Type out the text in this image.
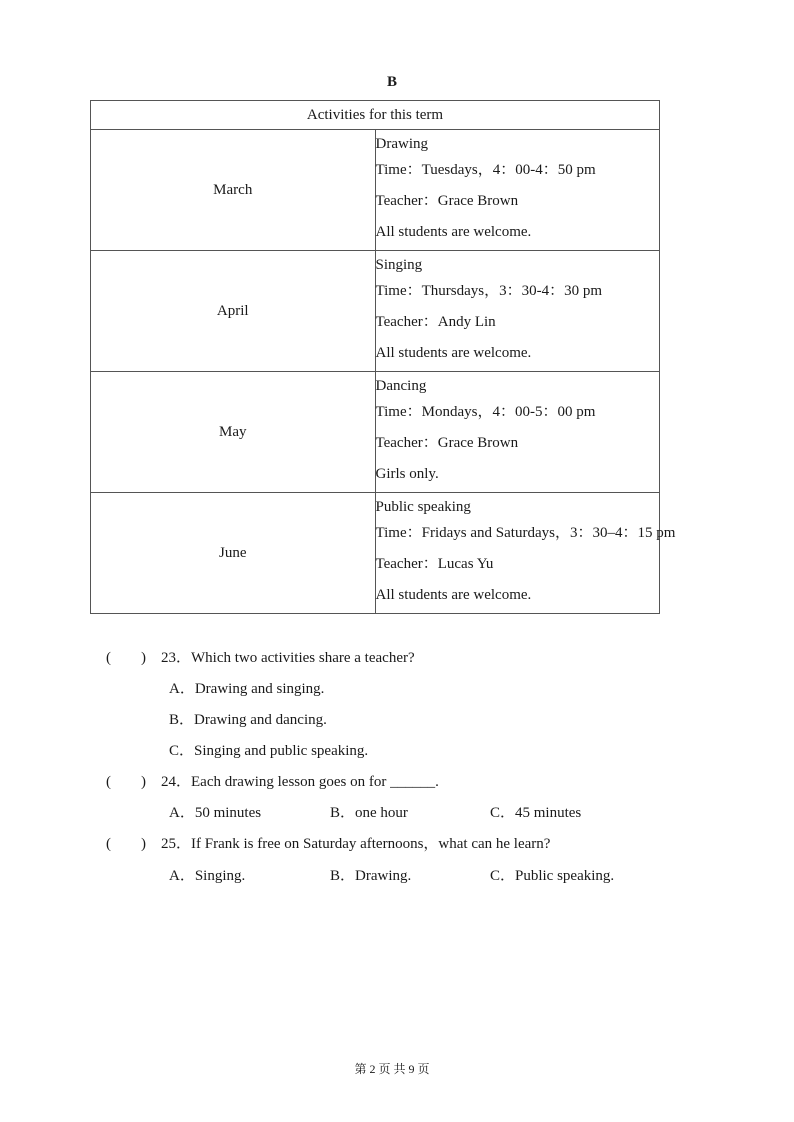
B
Activities for this term	
March	Drawing
Time：Tuesdays，4：00-4：50 pm
Teacher：Grace Brown
All students are welcome.

April	Singing
Time：Thursdays，3：30-4：30 pm
Teacher：Andy Lin
All students are welcome.

May	Dancing
Time：Mondays，4：00-5：00 pm
Teacher：Grace Brown
Girls only.

June	Public speaking
Time：Fridays and Saturdays，3：30–4：15 pm
Teacher：Lucas Yu
All students are welcome.
(　　) 23．Which two activities share a teacher?
A．Drawing and singing.
B．Drawing and dancing.
C．Singing and public speaking.
(　　) 24．Each drawing lesson goes on for ______.
A．50 minutes	B．one hour	C．45 minutes
(　　) 25．If Frank is free on Saturday afternoons，what can he learn?
A．Singing.	B．Drawing.	C．Public speaking.
第 2 页 共 9 页
